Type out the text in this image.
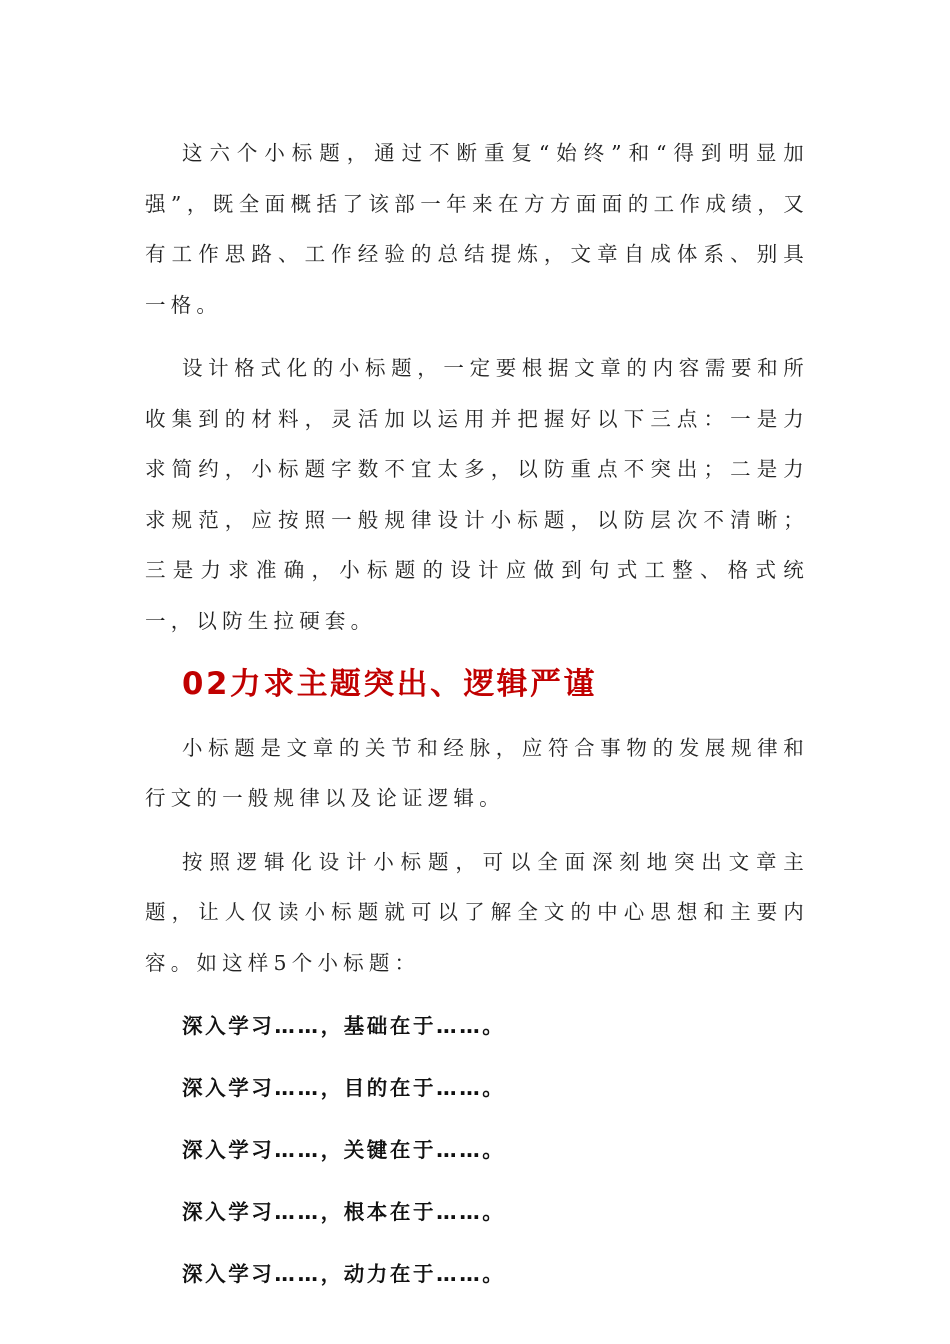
这六个小标题，通过不断重复“始终”和“得到明显加强”，既全面概括了该部一年来在方方面面的工作成绩，又有工作思路、工作经验的总结提炼，文章自成体系、别具一格。

设计格式化的小标题，一定要根据文章的内容需要和所收集到的材料，灵活加以运用并把握好以下三点：一是力求简约，小标题字数不宜太多，以防重点不突出；二是力求规范，应按照一般规律设计小标题，以防层次不清晰；三是力求准确，小标题的设计应做到句式工整、格式统一，以防生拉硬套。

02力求主题突出、逻辑严谨

小标题是文章的关节和经脉，应符合事物的发展规律和行文的一般规律以及论证逻辑。

按照逻辑化设计小标题，可以全面深刻地突出文章主题，让人仅读小标题就可以了解全文的中心思想和主要内容。如这样5个小标题：

深入学习……，基础在于……。
深入学习……，目的在于……。
深入学习……，关键在于……。
深入学习……，根本在于……。
深入学习……，动力在于……。
